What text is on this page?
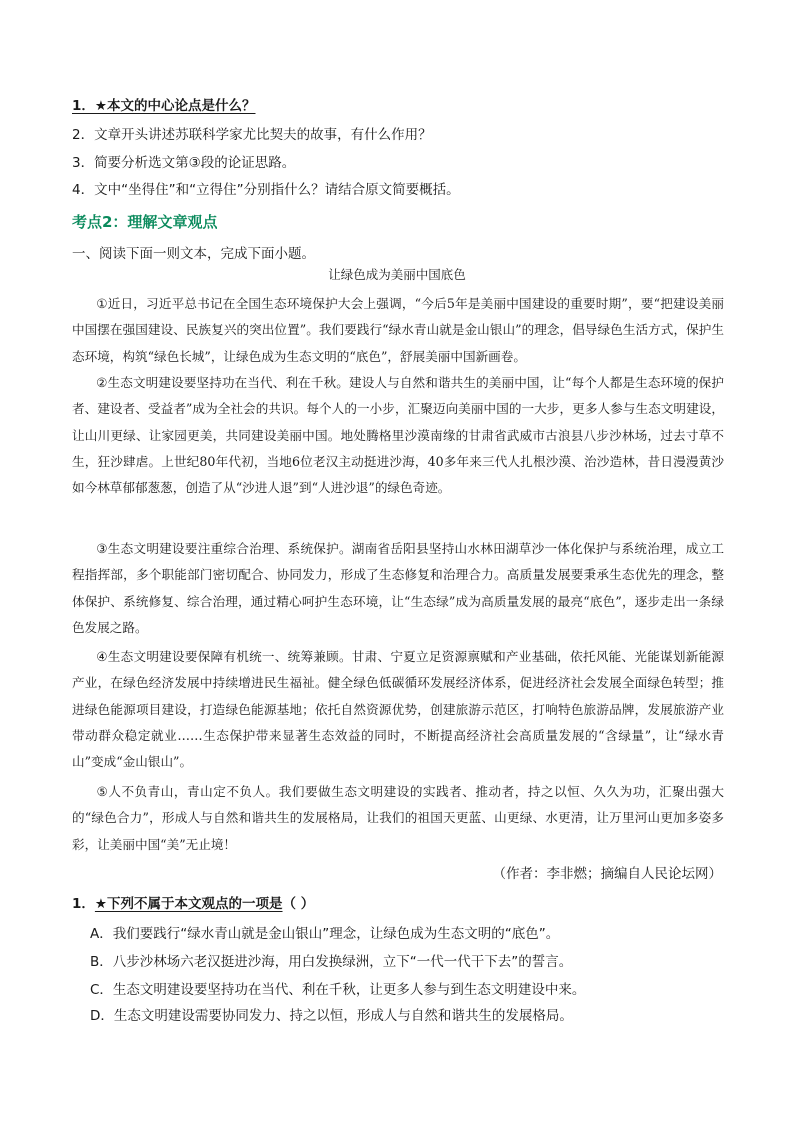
1．★本文的中心论点是什么？
2．文章开头讲述苏联科学家尤比契夫的故事，有什么作用？
3．简要分析选文第③段的论证思路。
4．文中“坐得住”和“立得住”分别指什么？请结合原文简要概括。
考点2：理解文章观点
一、阅读下面一则文本，完成下面小题。
让绿色成为美丽中国底色

①近日，习近平总书记在全国生态环境保护大会上强调，“今后5年是美丽中国建设的重要时期”，要“把建设美丽中国摆在强国建设、民族复兴的突出位置”。我们要践行“绿水青山就是金山银山”的理念，倡导绿色生活方式，保护生态环境，构筑“绿色长城”，让绿色成为生态文明的“底色”，舒展美丽中国新画卷。

②生态文明建设要坚持功在当代、利在千秋。建设人与自然和谐共生的美丽中国，让“每个人都是生态环境的保护者、建设者、受益者”成为全社会的共识。每个人的一小步，汇聚迈向美丽中国的一大步，更多人参与生态文明建设，让山川更绿、让家园更美，共同建设美丽中国。地处腾格里沙漠南缘的甘肃省武威市古浪县八步沙林场，过去寸草不生，狂沙肆虐。上世纪80年代初，当地6位老汉主动挺进沙海，40多年来三代人扎根沙漠、治沙造林，昔日漫漫黄沙如今林草郁郁葱葱，创造了从“沙进人退”到“人进沙退”的绿色奇迹。

③生态文明建设要注重综合治理、系统保护。湖南省岳阳县坚持山水林田湖草沙一体化保护与系统治理，成立工程指挥部，多个职能部门密切配合、协同发力，形成了生态修复和治理合力。高质量发展要秉承生态优先的理念，整体保护、系统修复、综合治理，通过精心呵护生态环境，让“生态绿”成为高质量发展的最亮“底色”，逐步走出一条绿色发展之路。

④生态文明建设要保障有机统一、统筹兼顾。甘肃、宁夏立足资源禀赋和产业基础，依托风能、光能谋划新能源产业，在绿色经济发展中持续增进民生福祉。健全绿色低碳循环发展经济体系，促进经济社会发展全面绿色转型；推进绿色能源项目建设，打造绿色能源基地；依托自然资源优势，创建旅游示范区，打响特色旅游品牌，发展旅游产业带动群众稳定就业……生态保护带来显著生态效益的同时，不断提高经济社会高质量发展的“含绿量”，让“绿水青山”变成“金山银山”。

⑤人不负青山，青山定不负人。我们要做生态文明建设的实践者、推动者，持之以恒、久久为功，汇聚出强大的“绿色合力”，形成人与自然和谐共生的发展格局，让我们的祖国天更蓝、山更绿、水更清，让万里河山更加多姿多彩，让美丽中国“美”无止境！

（作者：李非燃；摘编自人民论坛网）
1．★下列不属于本文观点的一项是（ ）
A．我们要践行“绿水青山就是金山银山”理念，让绿色成为生态文明的“底色”。
B．八步沙林场六老汉挺进沙海，用白发换绿洲，立下“一代一代干下去”的誓言。
C．生态文明建设要坚持功在当代、利在千秋，让更多人参与到生态文明建设中来。
D．生态文明建设需要协同发力、持之以恒，形成人与自然和谐共生的发展格局。
